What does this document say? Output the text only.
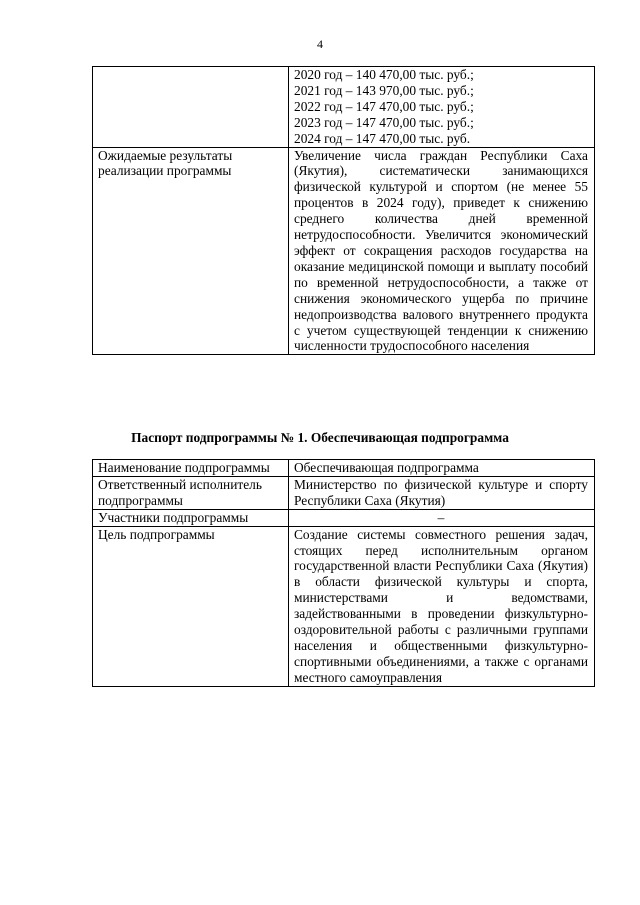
4

	2020 год – 140 470,00 тыс. руб.;
2021 год – 143 970,00 тыс. руб.;
2022 год – 147 470,00 тыс. руб.;
2023 год – 147 470,00 тыс. руб.;
2024 год – 147 470,00 тыс. руб.

Ожидаемые результаты реализации программы	Увеличение числа граждан Республики Саха (Якутия), систематически занимающихся физической культурой и спортом (не менее 55 процентов в 2024 году), приведет к снижению среднего количества дней временной нетрудоспособности. Увеличится экономический эффект от сокращения расходов государства на оказание медицинской помощи и выплату пособий по временной нетрудоспособности, а также от снижения экономического ущерба по причине недопроизводства валового внутреннего продукта с учетом существующей тенденции к снижению численности трудоспособного населения
Паспорт подпрограммы № 1. Обеспечивающая подпрограмма
Наименование подпрограммы	Обеспечивающая подпрограмма
Ответственный исполнитель подпрограммы	Министерство по физической культуре и спорту Республики Саха (Якутия)
Участники подпрограммы	–
Цель подпрограммы	Создание системы совместного решения задач, стоящих перед исполнительным органом государственной власти Республики Саха (Якутия) в области физической культуры и спорта, министерствами и ведомствами, задействованными в проведении физкультурно-оздоровительной работы с различными группами населения и общественными физкультурно-спортивными объединениями, а также с органами местного самоуправления
